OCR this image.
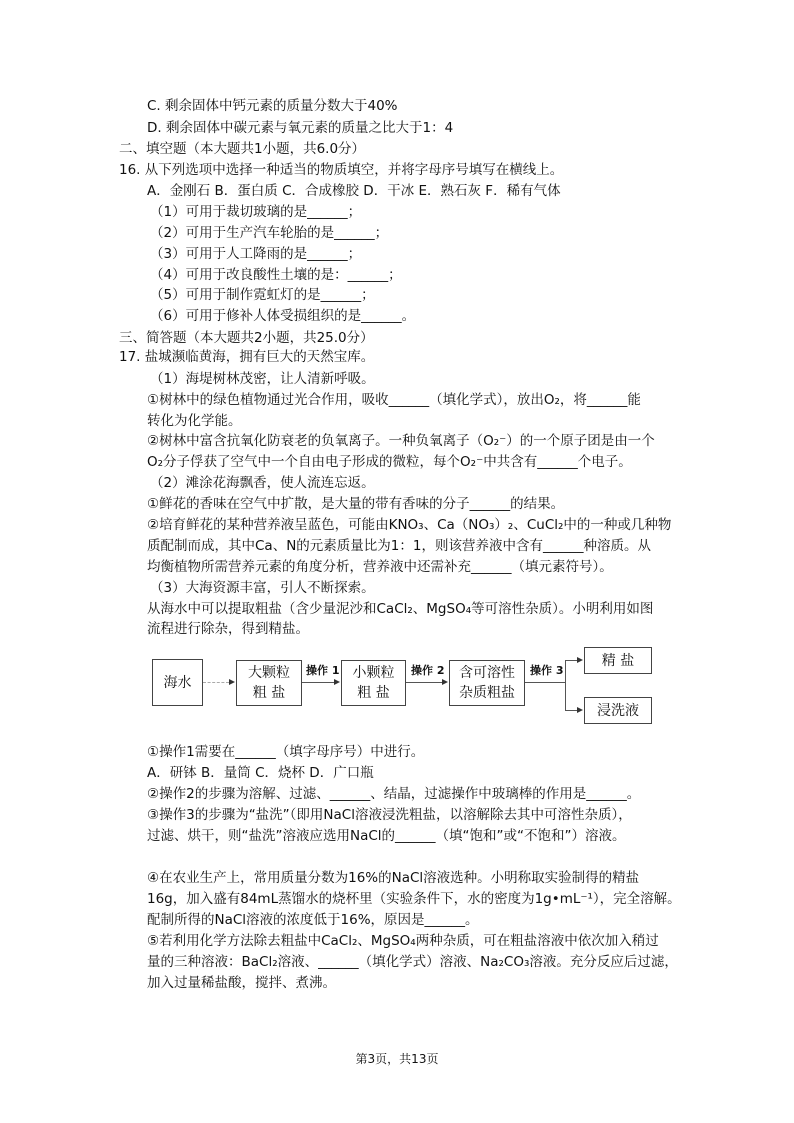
C. 剩余固体中钙元素的质量分数大于40%
D. 剩余固体中碳元素与氧元素的质量之比大于1：4
二、填空题（本大题共1小题，共6.0分）
16. 从下列选项中选择一种适当的物质填空，并将字母序号填写在横线上。
A．金刚石 B．蛋白质 C．合成橡胶 D．干冰 E．熟石灰 F．稀有气体
（1）可用于裁切玻璃的是______；
（2）可用于生产汽车轮胎的是______；
（3）可用于人工降雨的是______；
（4）可用于改良酸性土壤的是：______；
（5）可用于制作霓虹灯的是______；
（6）可用于修补人体受损组织的是______。
三、简答题（本大题共2小题，共25.0分）
17. 盐城濒临黄海，拥有巨大的天然宝库。
（1）海堤树林茂密，让人清新呼吸。
①树林中的绿色植物通过光合作用，吸收______（填化学式），放出O₂，将______能
转化为化学能。
②树林中富含抗氧化防衰老的负氧离子。一种负氧离子（O₂⁻）的一个原子团是由一个
O₂分子俘获了空气中一个自由电子形成的微粒，每个O₂⁻中共含有______个电子。
（2）滩涂花海飘香，使人流连忘返。
①鲜花的香味在空气中扩散，是大量的带有香味的分子______的结果。
②培育鲜花的某种营养液呈蓝色，可能由KNO₃、Ca（NO₃）₂、CuCl₂中的一种或几种物
质配制而成，其中Ca、N的元素质量比为1：1，则该营养液中含有______种溶质。从
均衡植物所需营养元素的角度分析，营养液中还需补充______（填元素符号）。
（3）大海资源丰富，引人不断探索。
从海水中可以提取粗盐（含少量泥沙和CaCl₂、MgSO₄等可溶性杂质）。小明利用如图
流程进行除杂，得到精盐。
海水
大颗粒
粗 盐
小颗粒
粗 盐
含可溶性
杂质粗盐
精 盐
浸洗液
操作 1	操作 2	操作 3
①操作1需要在______（填字母序号）中进行。
A．研钵 B．量筒 C．烧杯 D．广口瓶
②操作2的步骤为溶解、过滤、______、结晶，过滤操作中玻璃棒的作用是______。
③操作3的步骤为“盐洗”（即用NaCl溶液浸洗粗盐，以溶解除去其中可溶性杂质），
过滤、烘干，则“盐洗”溶液应选用NaCl的______（填“饱和”或“不饱和”）溶液。
④在农业生产上，常用质量分数为16%的NaCl溶液选种。小明称取实验制得的精盐
16g，加入盛有84mL蒸馏水的烧杯里（实验条件下，水的密度为1g•mL⁻¹），完全溶解。
配制所得的NaCl溶液的浓度低于16%，原因是______。
⑤若利用化学方法除去粗盐中CaCl₂、MgSO₄两种杂质，可在粗盐溶液中依次加入稍过
量的三种溶液：BaCl₂溶液、______（填化学式）溶液、Na₂CO₃溶液。充分反应后过滤，
加入过量稀盐酸，搅拌、煮沸。
第3页，共13页
